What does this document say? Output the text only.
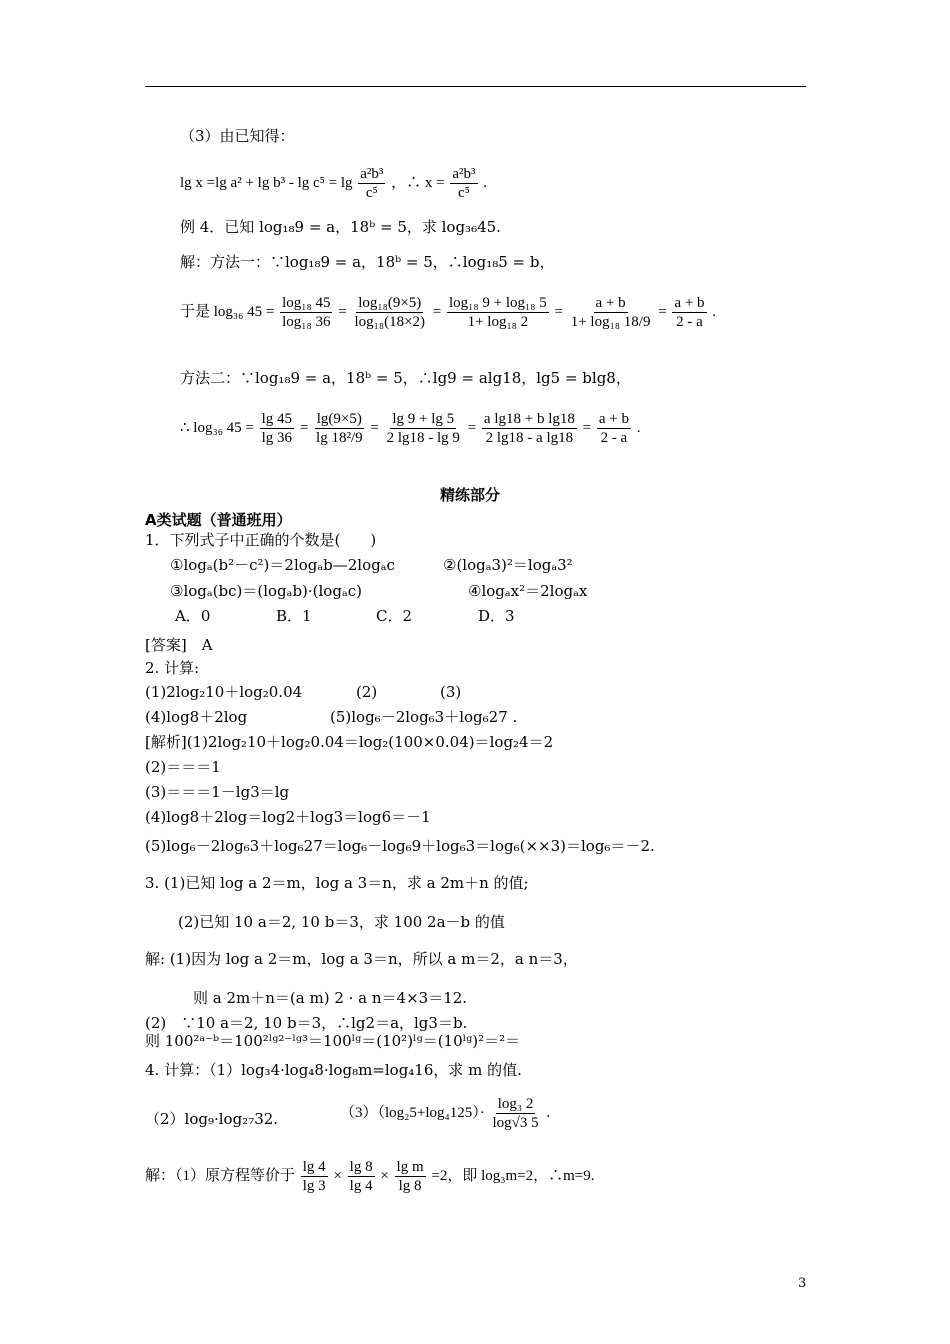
（3）由已知得：
lg x =lg $a^2 + \lg b^3 - \lg c^5 = \lg \frac{\text{a²b³}}{\text{c⁵}}$ ，∴ $x = \frac{\text{a²b³}}{\text{c⁵}}$ .
例 4．已知 log₁₈9 = a，18ᵇ = 5，求 log₃₆45.
解：方法一：∵log₁₈9 = a，18ᵇ = 5，∴log₁₈5 = b，
于是 log₃₆ $45 = \frac{\text{log₁₈ 45}}{\text{log₁₈ 36}} = \frac{\text{log₁₈(9×5)}}{\text{log₁₈(18×2)}} = \frac{\text{log₁₈ 9 + log₁₈ 5}}{\text{1+ log₁₈ 2}} = \frac{a + b}{\text{1+ log₁₈ 18/9}} = \frac{a + b}{2 - a}$ .
方法二：∵log₁₈9 = a，18ᵇ = 5，∴lg9 = alg18，lg5 = blg8，
∴ log₃₆ $45 = \frac{\lg 45}{\lg 36} = \frac{\lg(9\times 5)}{\text{lg 18²/9}} = \frac{\lg 9 + \lg 5}{2 \lg 18 - \lg 9} = \frac{\text{a lg18 + b lg18}}{\text{2 lg18 - a lg18}} = \frac{a + b}{2 - a}$ .
精练部分
A类试题（普通班用）
1．下列式子中正确的个数是(　　)
①logₐ(b²－c²)＝2logₐb—2logₐc	②(logₐ3)²＝logₐ3²
③logₐ(bc)＝(logₐb)·(logₐc)	④logₐx²＝2logₐx
A．0	B．1	C．2	D．3
[答案]　A
2. 计算:
(1)2log₂10＋log₂0.04	(2)	(3)
(4)log8＋2log	(5)log₆－2log₆3＋log₆27 .
[解析](1)2log₂10＋log₂0.04＝log₂(100×0.04)＝log₂4＝2
(2)＝＝＝1
(3)＝＝＝1－lg3＝lg
(4)log8＋2log＝log2＋log3＝log6＝－1
(5)log₆－2log₆3＋log₆27＝log₆－log₆9＋log₆3＝log₆(××3)＝log₆＝－2.
3. (1)已知 log a 2＝m，log a 3＝n，求 a 2m＋n 的值;
(2)已知 10 a＝2, 10 b＝3，求 100 2a－b 的值
解: (1)因为 log a 2＝m，log a 3＝n，所以 a m＝2，a n＝3，
则 a 2m＋n＝(a m) 2 · a n＝4×3＝12.
(2)　∵10 a＝2, 10 b＝3，∴lg2＝a，lg3＝b.
则 100²ᵃ⁻ᵇ＝100²ˡᵍ²⁻ˡᵍ³＝100ˡᵍ＝(10²)ˡᵍ＝(10ˡᵍ)²＝²＝
4. 计算：（1）log₃4·log₄8·log₈m=log₄16，求 m 的值.
（2）log₉·log₂₇32.	$(3)(\log_25+\log_4125)\cdot \frac{\text{log₃ 2}}{\log√3 5}$ .
解：（1）原方程等价于 $\frac{\lg 4}{\lg 3} \times \frac{\lg 8}{\lg 4} \times \frac{\text{lg m}}{\lg 8} =2$，即 log₃m=2，∴m=9.
3
